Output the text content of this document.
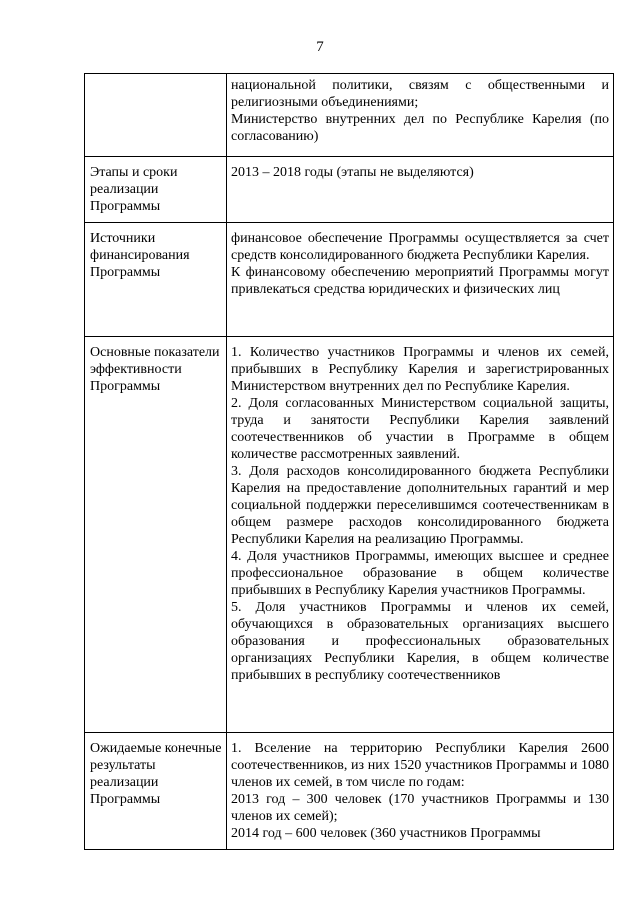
7

	национальной политики, связям с общественными и религиозными объединениями;
Министерство внутренних дел по Республике Карелия (по согласованию)

Этапы и сроки реализации Программы	2013 – 2018 годы (этапы не выделяются)

Источники финансирования Программы	финансовое обеспечение Программы осуществляется за счет средств консолидированного бюджета Республики Карелия.
К финансовому обеспечению мероприятий Программы могут привлекаться средства юридических и физических лиц

Основные показатели эффективности Программы	1. Количество участников Программы и членов их семей, прибывших в Республику Карелия и зарегистрированных Министерством внутренних дел по Республике Карелия.
2. Доля согласованных Министерством социальной защиты, труда и занятости Республики Карелия заявлений соотечественников об участии в Программе в общем количестве рассмотренных заявлений.
3. Доля расходов консолидированного бюджета Республики Карелия на предоставление дополнительных гарантий и мер социальной поддержки переселившимся соотечественникам в общем размере расходов консолидированного бюджета Республики Карелия на реализацию Программы.
4. Доля участников Программы, имеющих высшее и среднее профессиональное образование в общем количестве прибывших в Республику Карелия участников Программы.
5. Доля участников Программы и членов их семей, обучающихся в образовательных организациях высшего образования и профессиональных образовательных организациях Республики Карелия, в общем количестве прибывших в республику соотечественников

Ожидаемые конечные результаты реализации Программы	1. Вселение на территорию Республики Карелия 2600 соотечественников, из них 1520 участников Программы и 1080 членов их семей, в том числе по годам:
2013 год – 300 человек (170 участников Программы и 130 членов их семей);
2014 год – 600 человек (360 участников Программы
